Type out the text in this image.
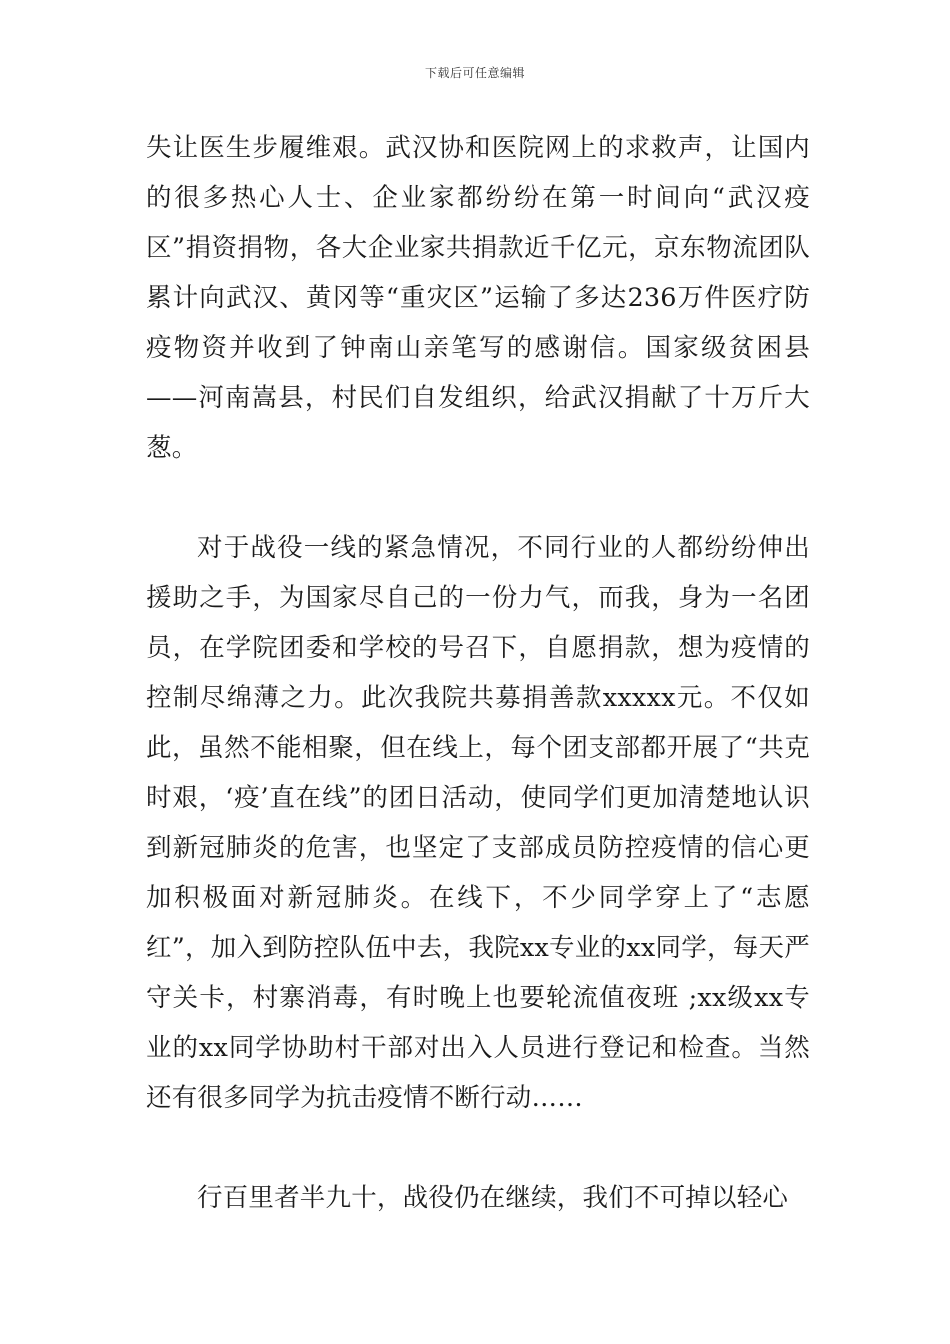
下载后可任意编辑

失让医生步履维艰。武汉协和医院网上的求救声，让国内的很多热心人士、企业家都纷纷在第一时间向“武汉疫区”捐资捐物，各大企业家共捐款近千亿元，京东物流团队累计向武汉、黄冈等“重灾区”运输了多达236万件医疗防疫物资并收到了钟南山亲笔写的感谢信。国家级贫困县——河南嵩县，村民们自发组织，给武汉捐献了十万斤大葱。

对于战役一线的紧急情况，不同行业的人都纷纷伸出援助之手，为国家尽自己的一份力气，而我，身为一名团员，在学院团委和学校的号召下，自愿捐款，想为疫情的控制尽绵薄之力。此次我院共募捐善款xxxxx元。不仅如此，虽然不能相聚，但在线上，每个团支部都开展了“共克时艰，‘疫’直在线”的团日活动，使同学们更加清楚地认识到新冠肺炎的危害，也坚定了支部成员防控疫情的信心更加积极面对新冠肺炎。在线下，不少同学穿上了“志愿红”，加入到防控队伍中去，我院xx专业的xx同学，每天严守关卡，村寨消毒，有时晚上也要轮流值夜班 ;xx级xx专业的xx同学协助村干部对出入人员进行登记和检查。当然还有很多同学为抗击疫情不断行动……

行百里者半九十，战役仍在继续，我们不可掉以轻心
